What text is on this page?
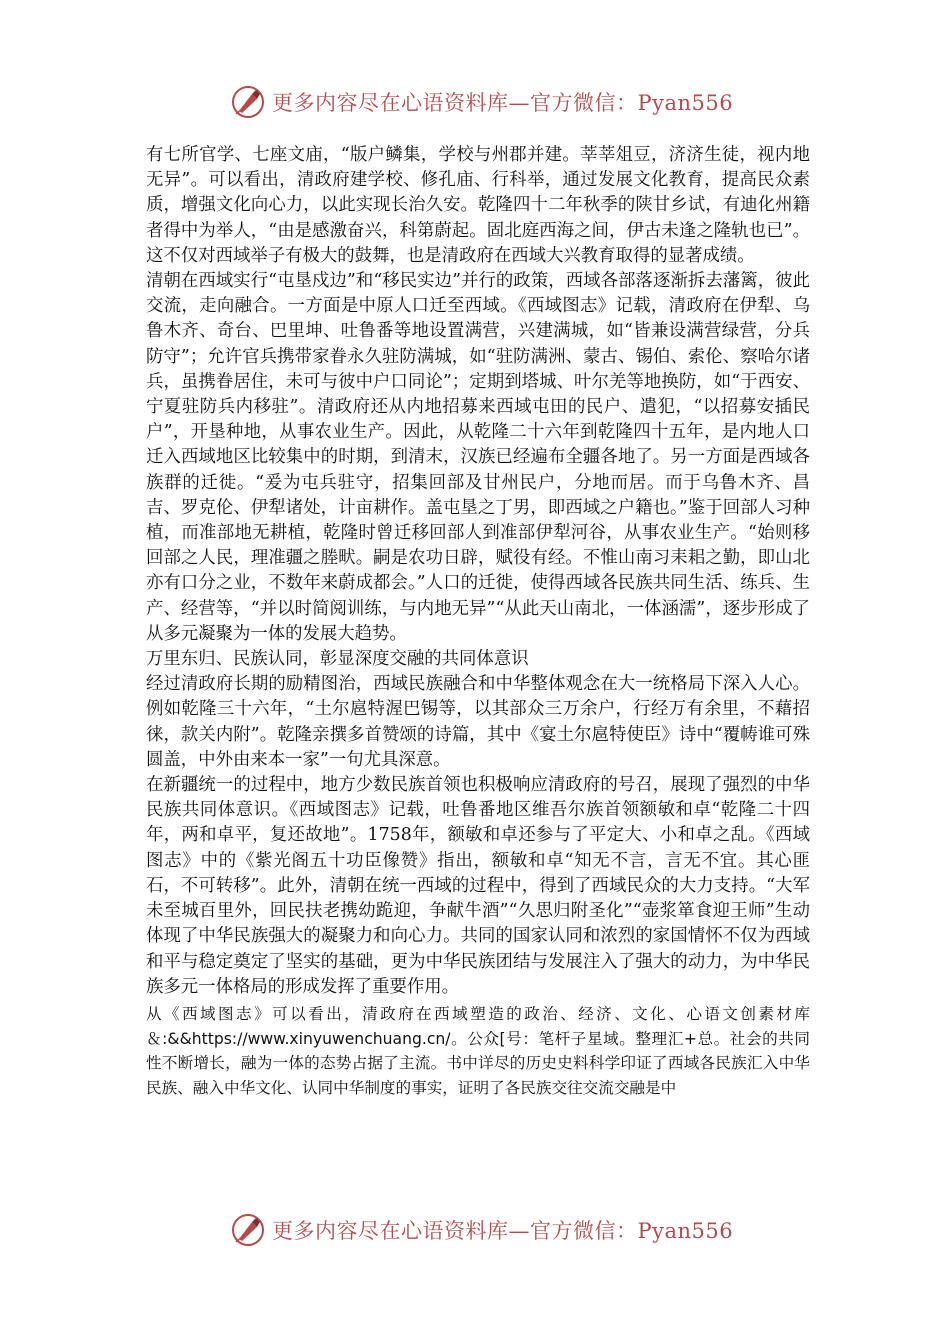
更多内容尽在心语资料库—官方微信：Pyan556

有七所官学、七座文庙，“版户鳞集，学校与州郡并建。莘莘俎豆，济济生徒，视内地无异”。可以看出，清政府建学校、修孔庙、行科举，通过发展文化教育，提高民众素质，增强文化向心力，以此实现长治久安。乾隆四十二年秋季的陕甘乡试，有迪化州籍者得中为举人，“由是感激奋兴，科第蔚起。固北庭西海之间，伊古未逢之隆轨也已”。这不仅对西域举子有极大的鼓舞，也是清政府在西域大兴教育取得的显著成绩。

清朝在西域实行“屯垦戍边”和“移民实边”并行的政策，西域各部落逐渐拆去藩篱，彼此交流，走向融合。一方面是中原人口迁至西域。《西域图志》记载，清政府在伊犁、乌鲁木齐、奇台、巴里坤、吐鲁番等地设置满营，兴建满城，如“皆兼设满营绿营，分兵防守”；允许官兵携带家眷永久驻防满城，如“驻防满洲、蒙古、锡伯、索伦、察哈尔诸兵，虽携眷居住，未可与彼中户口同论”；定期到塔城、叶尔羌等地换防，如“于西安、宁夏驻防兵内移驻”。清政府还从内地招募来西域屯田的民户、遣犯，“以招募安插民户”，开垦种地，从事农业生产。因此，从乾隆二十六年到乾隆四十五年，是内地人口迁入西域地区比较集中的时期，到清末，汉族已经遍布全疆各地了。另一方面是西域各族群的迁徙。“爰为屯兵驻守，招集回部及甘州民户，分地而居。而于乌鲁木齐、昌吉、罗克伦、伊犁诸处，计亩耕作。盖屯垦之丁男，即西域之户籍也。”鉴于回部人习种植，而准部地无耕植，乾隆时曾迁移回部人到准部伊犁河谷，从事农业生产。“始则移回部之人民，理准疆之塍畎。嗣是农功日辟，赋役有经。不惟山南习耒耜之勤，即山北亦有口分之业，不数年来蔚成都会。”人口的迁徙，使得西域各民族共同生活、练兵、生产、经营等，“并以时简阅训练，与内地无异”“从此天山南北，一体涵濡”，逐步形成了从多元凝聚为一体的发展大趋势。

万里东归、民族认同，彰显深度交融的共同体意识

经过清政府长期的励精图治，西域民族融合和中华整体观念在大一统格局下深入人心。例如乾隆三十六年，“土尔扈特渥巴锡等，以其部众三万余户，行经万有余里，不藉招徕，款关内附”。乾隆亲撰多首赞颂的诗篇，其中《宴土尔扈特使臣》诗中“覆帱谁可殊圆盖，中外由来本一家”一句尤具深意。

在新疆统一的过程中，地方少数民族首领也积极响应清政府的号召，展现了强烈的中华民族共同体意识。《西域图志》记载，吐鲁番地区维吾尔族首领额敏和卓“乾隆二十四年，两和卓平，复还故地”。1758年，额敏和卓还参与了平定大、小和卓之乱。《西域图志》中的《紫光阁五十功臣像赞》指出，额敏和卓“知无不言，言无不宜。其心匪石，不可转移”。此外，清朝在统一西域的过程中，得到了西域民众的大力支持。“大军未至城百里外，回民扶老携幼跪迎，争献牛酒”“久思归附圣化”“壶浆箪食迎王师”生动体现了中华民族强大的凝聚力和向心力。共同的国家认同和浓烈的家国情怀不仅为西域和平与稳定奠定了坚实的基础，更为中华民族团结与发展注入了强大的动力，为中华民族多元一体格局的形成发挥了重要作用。

从《西域图志》可以看出，清政府在西域塑造的政治、经济、文化、心语文创素材库＆:&&https://www.xinyuwenchuang.cn/。公众[号：笔杆子星域。整理汇+总。社会的共同性不断增长，融为一体的态势占据了主流。书中详尽的历史史料科学印证了西域各民族汇入中华民族、融入中华文化、认同中华制度的事实，证明了各民族交往交流交融是中

更多内容尽在心语资料库—官方微信：Pyan556
